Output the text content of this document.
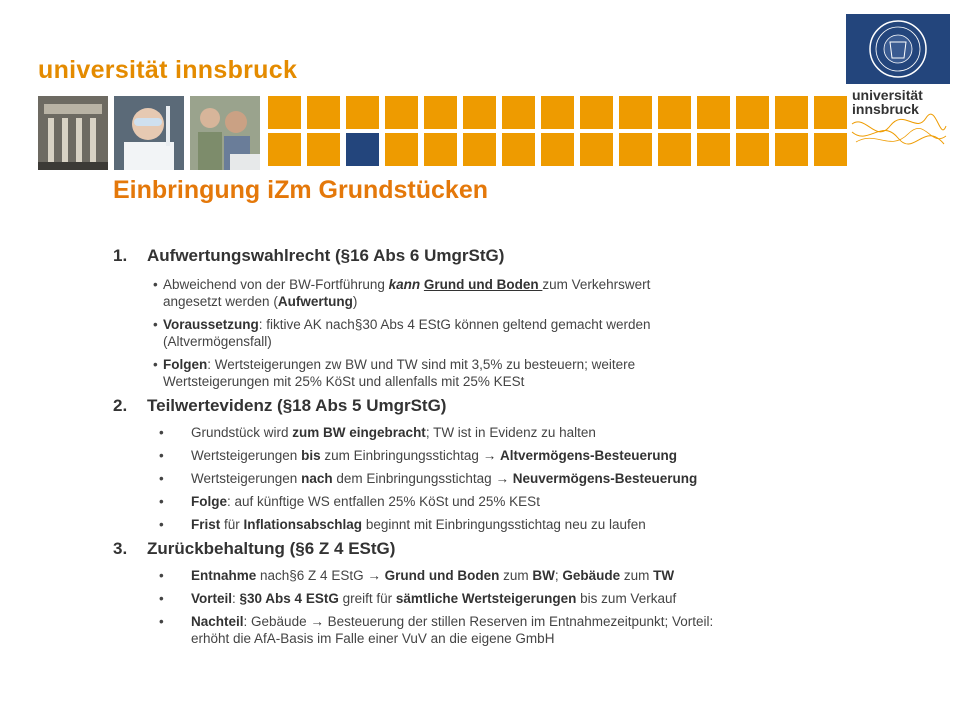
universität innsbruck
universität
innsbruck
Einbringung iZm Grundstücken
1. Aufwertungswahlrecht (§16 Abs 6 UmgrStG)
• Abweichend von der BW-Fortführung kann Grund und Boden zum Verkehrswert
angesetzt werden (Aufwertung)
• Voraussetzung: fiktive AK nach§30 Abs 4 EStG können geltend gemacht werden
(Altvermögensfall)
• Folgen: Wertsteigerungen zw BW und TW sind mit 3,5% zu besteuern; weitere
Wertsteigerungen mit 25% KöSt und allenfalls mit 25% KESt
2. Teilwertevidenz (§18 Abs 5 UmgrStG)
• Grundstück wird zum BW eingebracht; TW ist in Evidenz zu halten
• Wertsteigerungen bis zum Einbringungsstichtag → Altvermögens-Besteuerung
• Wertsteigerungen nach dem Einbringungsstichtag → Neuvermögens-Besteuerung
• Folge: auf künftige WS entfallen 25% KöSt und 25% KESt
• Frist für Inflationsabschlag beginnt mit Einbringungsstichtag neu zu laufen
3. Zurückbehaltung (§6 Z 4 EStG)
• Entnahme nach§6 Z 4 EStG → Grund und Boden zum BW; Gebäude zum TW
• Vorteil: §30 Abs 4 EStG greift für sämtliche Wertsteigerungen bis zum Verkauf
• Nachteil: Gebäude → Besteuerung der stillen Reserven im Entnahmezeitpunkt; Vorteil:
erhöht die AfA-Basis im Falle einer VuV an die eigene GmbH
